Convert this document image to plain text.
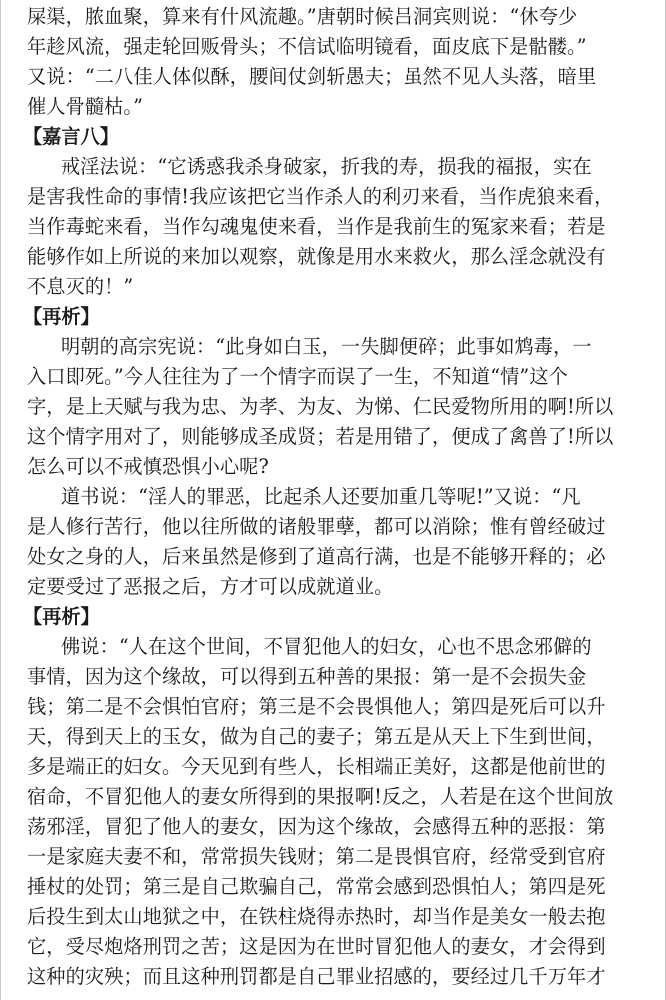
屎渠，脓血聚，算来有什风流趣。”唐朝时候吕洞宾则说：“休夸少
年趁风流，强走轮回贩骨头；不信试临明镜看，面皮底下是骷髅。”
又说：“二八佳人体似酥，腰间仗剑斩愚夫；虽然不见人头落，暗里
催人骨髓枯。”
【嘉言八】
戒淫法说：“它诱惑我杀身破家，折我的寿，损我的福报，实在
是害我性命的事情!我应该把它当作杀人的利刃来看，当作虎狼来看，
当作毒蛇来看，当作勾魂鬼使来看，当作是我前生的冤家来看；若是
能够作如上所说的来加以观察，就像是用水来救火，那么淫念就没有
不息灭的！”
【再析】
明朝的高宗宪说：“此身如白玉，一失脚便碎；此事如鸩毒，一
入口即死。”今人往往为了一个情字而误了一生，不知道“情”这个
字，是上天赋与我为忠、为孝、为友、为悌、仁民爱物所用的啊!所以
这个情字用对了，则能够成圣成贤；若是用错了，便成了禽兽了!所以
怎么可以不戒慎恐惧小心呢?
道书说：“淫人的罪恶，比起杀人还要加重几等呢!”又说：“凡
是人修行苦行，他以往所做的诸般罪孽，都可以消除；惟有曾经破过
处女之身的人，后来虽然是修到了道高行满，也是不能够开释的；必
定要受过了恶报之后，方才可以成就道业。
【再析】
佛说：“人在这个世间，不冒犯他人的妇女，心也不思念邪僻的
事情，因为这个缘故，可以得到五种善的果报：第一是不会损失金
钱；第二是不会惧怕官府；第三是不会畏惧他人；第四是死后可以升
天，得到天上的玉女，做为自己的妻子；第五是从天上下生到世间，
多是端正的妇女。今天见到有些人，长相端正美好，这都是他前世的
宿命，不冒犯他人的妻女所得到的果报啊!反之，人若是在这个世间放
荡邪淫，冒犯了他人的妻女，因为这个缘故，会感得五种的恶报：第
一是家庭夫妻不和，常常损失钱财；第二是畏惧官府，经常受到官府
捶杖的处罚；第三是自己欺骗自己，常常会感到恐惧怕人；第四是死
后投生到太山地狱之中，在铁柱烧得赤热时，却当作是美女一般去抱
它，受尽炮烙刑罚之苦；这是因为在世时冒犯他人的妻女，才会得到
这种的灾殃；而且这种刑罚都是自己罪业招感的，要经过几千万年才
